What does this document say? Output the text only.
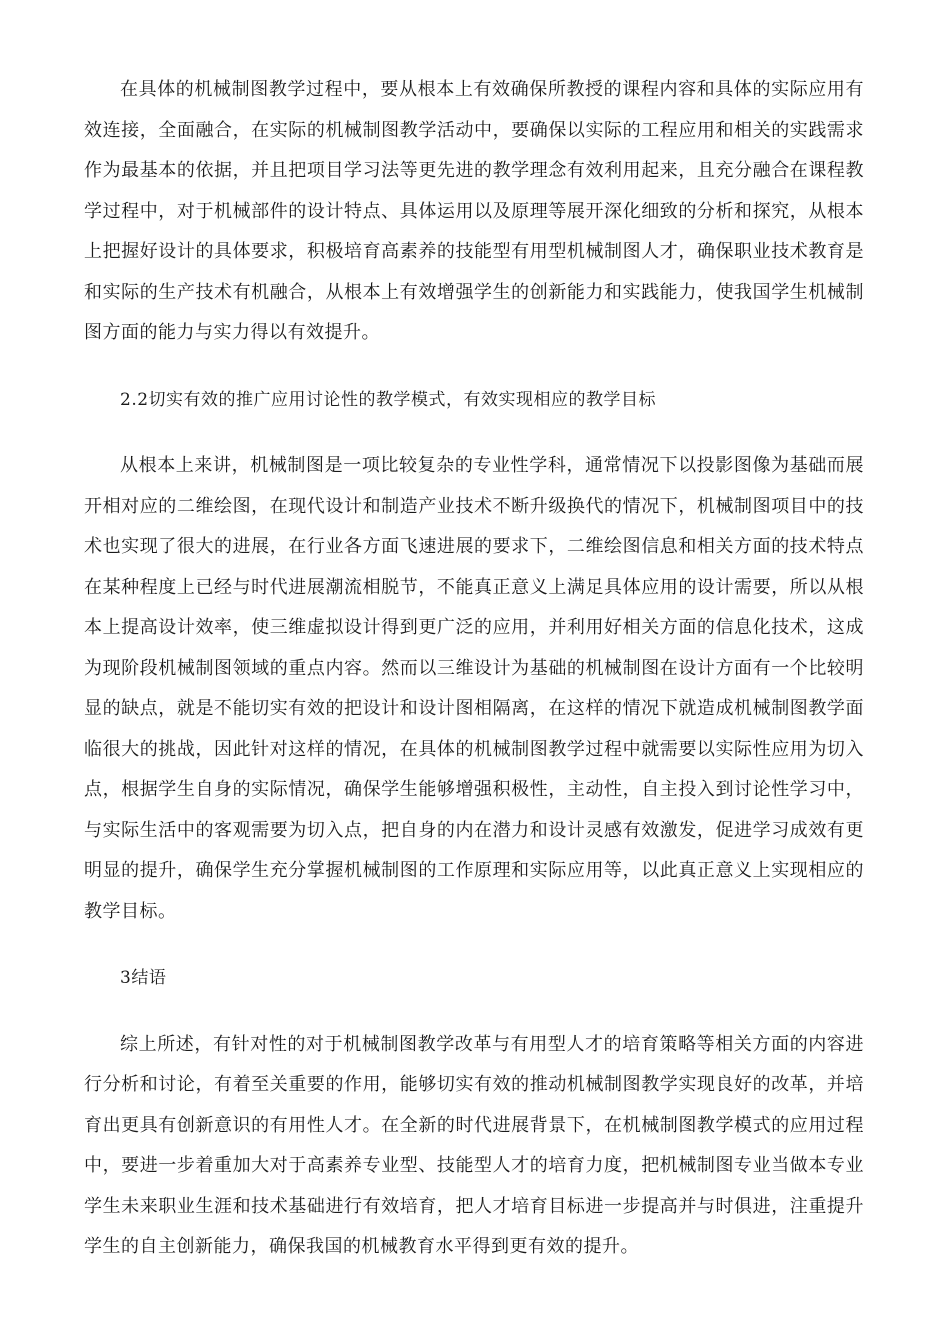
在具体的机械制图教学过程中，要从根本上有效确保所教授的课程内容和具体的实际应用有效连接，全面融合，在实际的机械制图教学活动中，要确保以实际的工程应用和相关的实践需求作为最基本的依据，并且把项目学习法等更先进的教学理念有效利用起来，且充分融合在课程教学过程中，对于机械部件的设计特点、具体运用以及原理等展开深化细致的分析和探究，从根本上把握好设计的具体要求，积极培育高素养的技能型有用型机械制图人才，确保职业技术教育是和实际的生产技术有机融合，从根本上有效增强学生的创新能力和实践能力，使我国学生机械制图方面的能力与实力得以有效提升。

2.2切实有效的推广应用讨论性的教学模式，有效实现相应的教学目标

从根本上来讲，机械制图是一项比较复杂的专业性学科，通常情况下以投影图像为基础而展开相对应的二维绘图，在现代设计和制造产业技术不断升级换代的情况下，机械制图项目中的技术也实现了很大的进展，在行业各方面飞速进展的要求下，二维绘图信息和相关方面的技术特点在某种程度上已经与时代进展潮流相脱节，不能真正意义上满足具体应用的设计需要，所以从根本上提高设计效率，使三维虚拟设计得到更广泛的应用，并利用好相关方面的信息化技术，这成为现阶段机械制图领域的重点内容。然而以三维设计为基础的机械制图在设计方面有一个比较明显的缺点，就是不能切实有效的把设计和设计图相隔离，在这样的情况下就造成机械制图教学面临很大的挑战，因此针对这样的情况，在具体的机械制图教学过程中就需要以实际性应用为切入点，根据学生自身的实际情况，确保学生能够增强积极性，主动性，自主投入到讨论性学习中，与实际生活中的客观需要为切入点，把自身的内在潜力和设计灵感有效激发，促进学习成效有更明显的提升，确保学生充分掌握机械制图的工作原理和实际应用等，以此真正意义上实现相应的教学目标。

3结语

综上所述，有针对性的对于机械制图教学改革与有用型人才的培育策略等相关方面的内容进行分析和讨论，有着至关重要的作用，能够切实有效的推动机械制图教学实现良好的改革，并培育出更具有创新意识的有用性人才。在全新的时代进展背景下，在机械制图教学模式的应用过程中，要进一步着重加大对于高素养专业型、技能型人才的培育力度，把机械制图专业当做本专业学生未来职业生涯和技术基础进行有效培育，把人才培育目标进一步提高并与时俱进，注重提升学生的自主创新能力，确保我国的机械教育水平得到更有效的提升。
